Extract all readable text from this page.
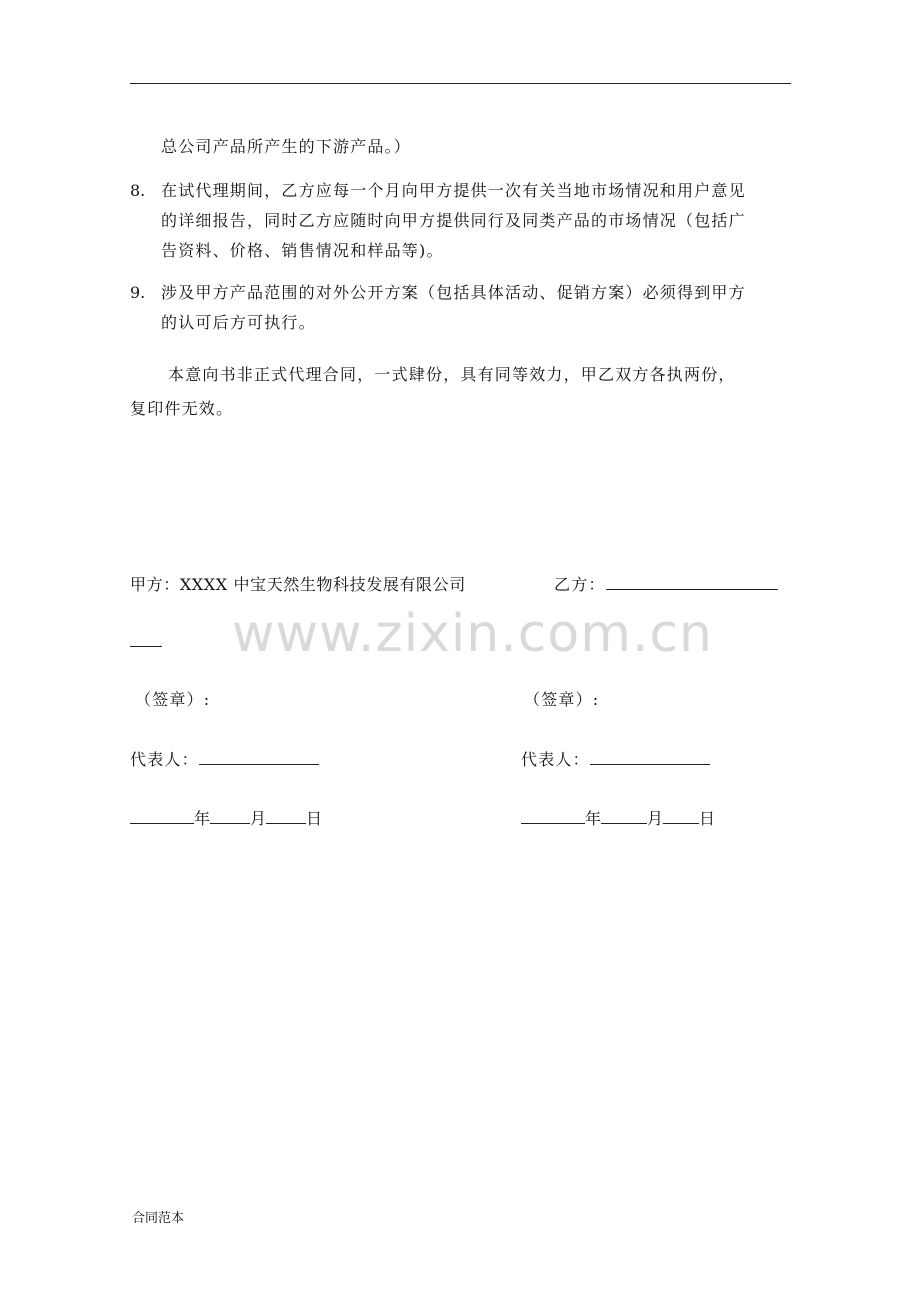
总公司产品所产生的下游产品。）
8. 在试代理期间，乙方应每一个月向甲方提供一次有关当地市场情况和用户意见
的详细报告，同时乙方应随时向甲方提供同行及同类产品的市场情况（包括广
告资料、价格、销售情况和样品等)。
9. 涉及甲方产品范围的对外公开方案（包括具体活动、促销方案）必须得到甲方
的认可后方可执行。
本意向书非正式代理合同，一式肆份，具有同等效力，甲乙双方各执两份，
复印件无效。
甲方：XXXX 中宝天然生物科技发展有限公司	乙方：
www.zixin.com.cn
（签章）:	（签章）:
代表人：	代表人：
年	月	日	年	月 日
合同范本
